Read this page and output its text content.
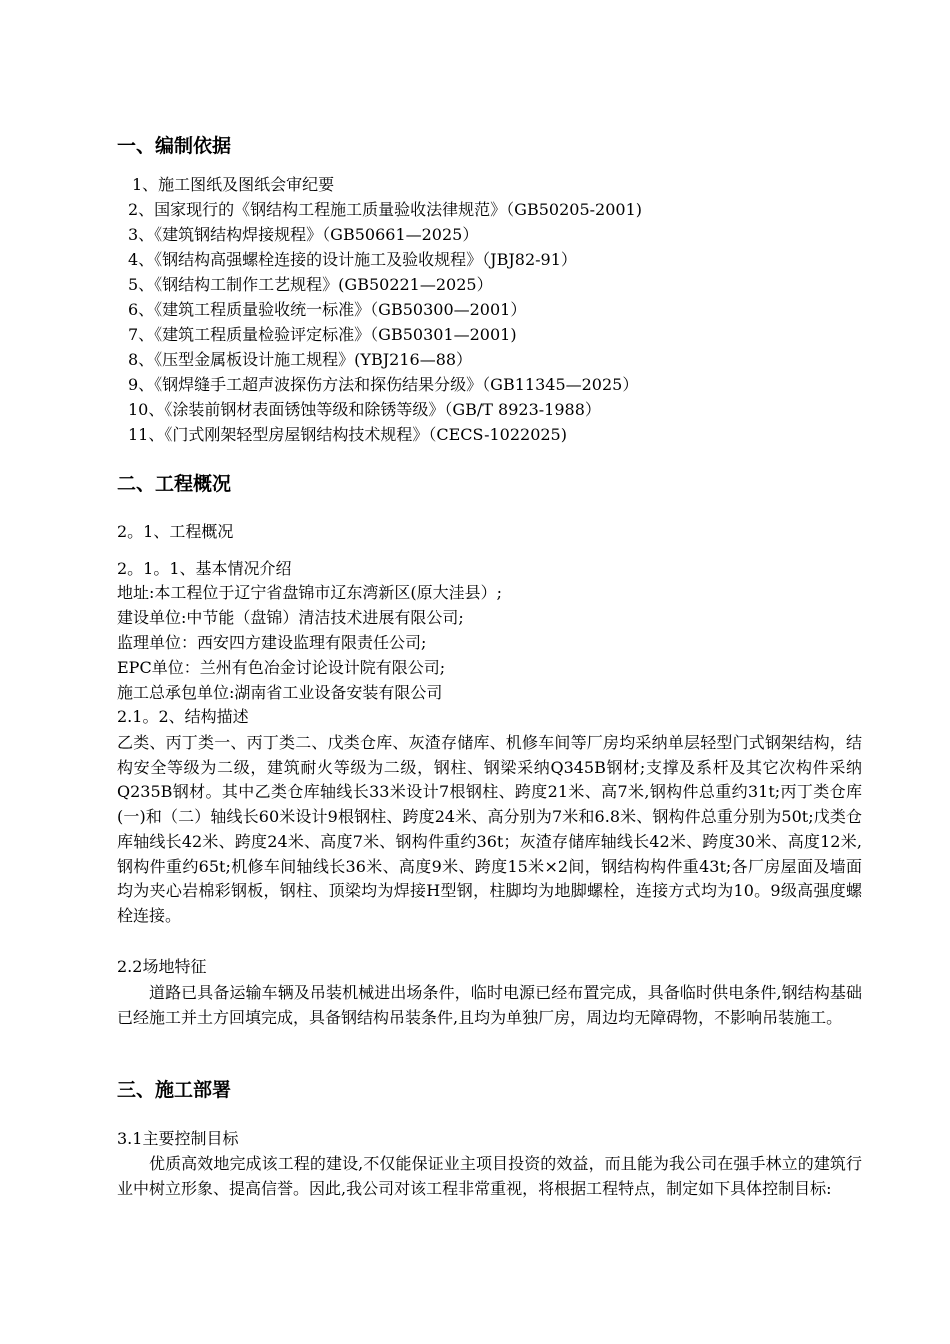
一、编制依据
1、施工图纸及图纸会审纪要
2、国家现行的《钢结构工程施工质量验收法律规范》（GB50205-2001)
3、《建筑钢结构焊接规程》（GB50661—2025）
4、《钢结构高强螺栓连接的设计施工及验收规程》（JBJ82-91）
5、《钢结构工制作工艺规程》(GB50221—2025）
6、《建筑工程质量验收统一标准》（GB50300—2001）
7、《建筑工程质量检验评定标准》（GB50301—2001)
8、《压型金属板设计施工规程》(YBJ216—88）
9、《钢焊缝手工超声波探伤方法和探伤结果分级》（GB11345—2025）
10、《涂装前钢材表面锈蚀等级和除锈等级》（GB/T 8923-1988）
11、《门式刚架轻型房屋钢结构技术规程》（CECS-1022025)
二、工程概况
2。1、工程概况
2。1。1、基本情况介绍
地址:本工程位于辽宁省盘锦市辽东湾新区(原大洼县）;
建设单位:中节能（盘锦）清洁技术进展有限公司;
监理单位：西安四方建设监理有限责任公司;
EPC单位：兰州有色冶金讨论设计院有限公司;
施工总承包单位:湖南省工业设备安装有限公司
2.1。2、结构描述
乙类、丙丁类一、丙丁类二、戊类仓库、灰渣存储库、机修车间等厂房均采纳单层轻型门式钢架结构，结构安全等级为二级，建筑耐火等级为二级，钢柱、钢梁采纳Q345B钢材;支撑及系杆及其它次构件采纳Q235B钢材。其中乙类仓库轴线长33米设计7根钢柱、跨度21米、高7米,钢构件总重约31t;丙丁类仓库(一)和（二）轴线长60米设计9根钢柱、跨度24米、高分别为7米和6.8米、钢构件总重分别为50t;戊类仓库轴线长42米、跨度24米、高度7米、钢构件重约36t；灰渣存储库轴线长42米、跨度30米、高度12米,钢构件重约65t;机修车间轴线长36米、高度9米、跨度15米×2间，钢结构构件重43t;各厂房屋面及墙面均为夹心岩棉彩钢板，钢柱、顶梁均为焊接H型钢，柱脚均为地脚螺栓，连接方式均为10。9级高强度螺栓连接。
2.2场地特征
道路已具备运输车辆及吊装机械进出场条件，临时电源已经布置完成，具备临时供电条件,钢结构基础已经施工并土方回填完成，具备钢结构吊装条件,且均为单独厂房，周边均无障碍物，不影响吊装施工。
三、施工部署
3.1主要控制目标
优质高效地完成该工程的建设,不仅能保证业主项目投资的效益，而且能为我公司在强手林立的建筑行业中树立形象、提高信誉。因此,我公司对该工程非常重视，将根据工程特点，制定如下具体控制目标:
